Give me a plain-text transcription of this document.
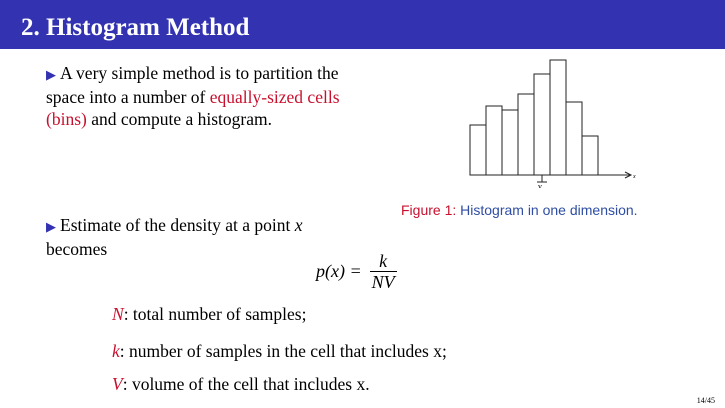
2. Histogram Method
▶ A very simple method is to partition the space into a number of equally-sized cells (bins) and compute a histogram.
▶ Estimate of the density at a point x becomes
x
v
Figure 1: Histogram in one dimension.
$p(x) = \frac{k}{NV}$
N: total number of samples;
k: number of samples in the cell that includes x;
V: volume of the cell that includes x.
14/45
